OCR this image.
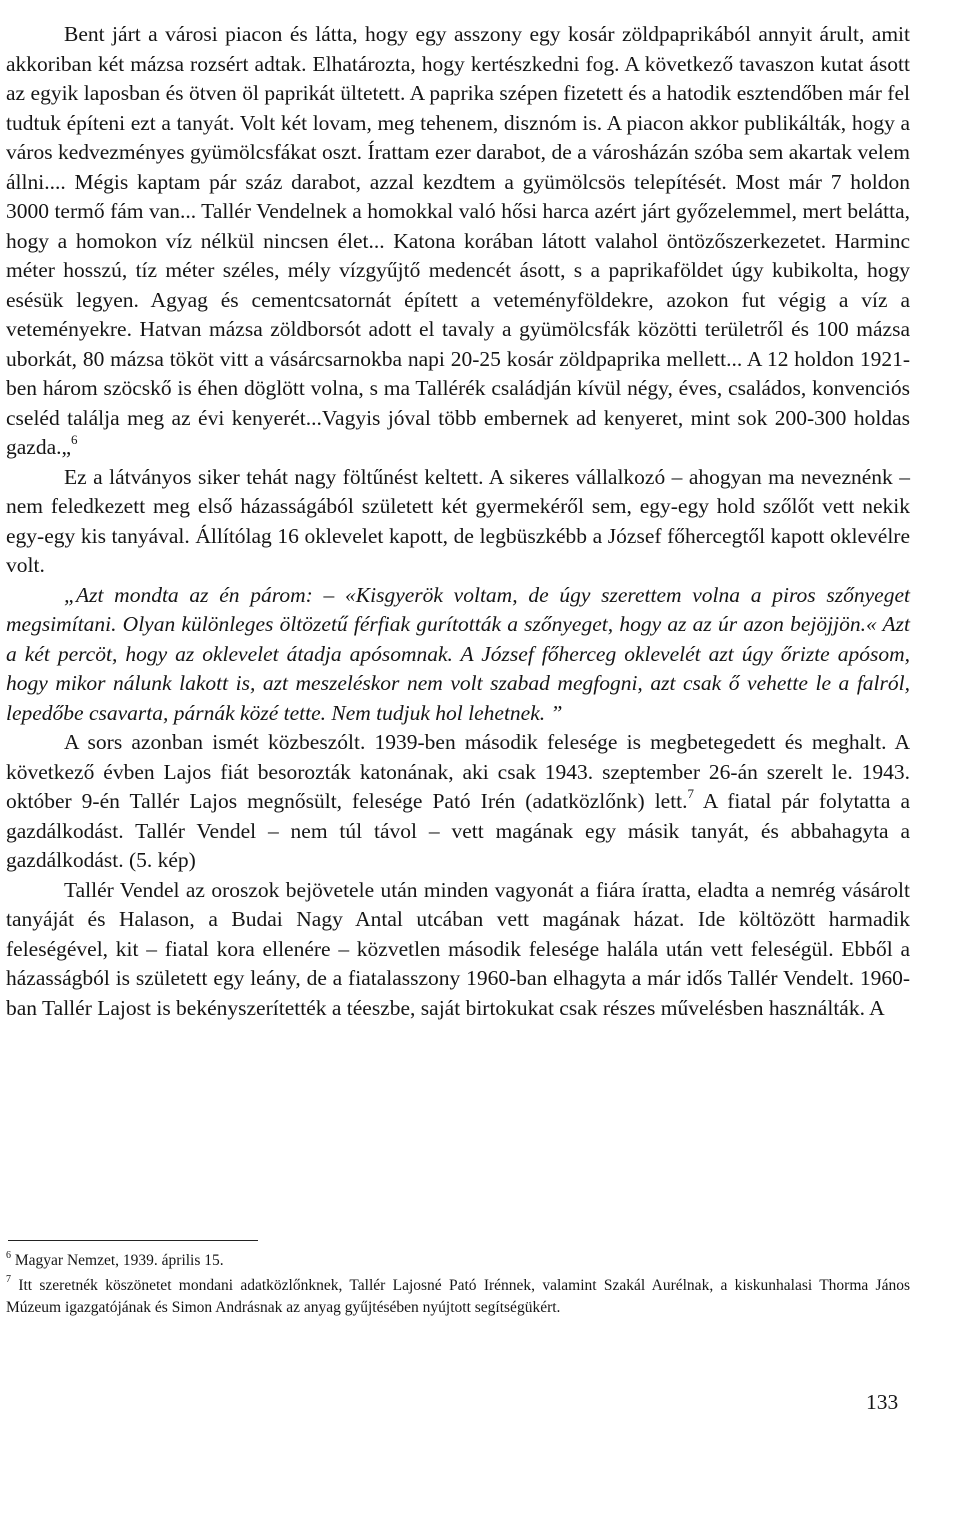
Bent járt a városi piacon és látta, hogy egy asszony egy kosár zöldpaprikából annyit árult, amit akkoriban két mázsa rozsért adtak. Elhatározta, hogy kertészkedni fog. A következő tavaszon kutat ásott az egyik laposban és ötven öl paprikát ültetett. A paprika szépen fizetett és a hatodik esztendőben már fel tudtuk építeni ezt a tanyát. Volt két lovam, meg tehenem, disznóm is. A piacon akkor publikálták, hogy a város kedvezményes gyümölcsfákat oszt. Írattam ezer darabot, de a városházán szóba sem akartak velem állni.... Mégis kaptam pár száz darabot, azzal kezdtem a gyümölcsös telepítését. Most már 7 holdon 3000 termő fám van... Tallér Vendelnek a homokkal való hősi harca azért járt győzelemmel, mert belátta, hogy a homokon víz nélkül nincsen élet... Katona korában látott valahol öntözőszerkezetet. Harminc méter hosszú, tíz méter széles, mély vízgyűjtő medencét ásott, s a paprikaföldet úgy kubikolta, hogy esésük legyen. Agyag és cementcsatornát épített a veteményföldekre, azokon fut végig a víz a veteményekre. Hatvan mázsa zöldborsót adott el tavaly a gyümölcsfák közötti területről és 100 mázsa uborkát, 80 mázsa tököt vitt a vásárcsarnokba napi 20-25 kosár zöldpaprika mellett... A 12 holdon 1921-ben három szöcskő is éhen döglött volna, s ma Tallérék családján kívül négy, éves, családos, konvenciós cseléd találja meg az évi kenyerét...Vagyis jóval több embernek ad kenyeret, mint sok 200-300 holdas gazda.„$^6$

Ez a látványos siker tehát nagy föltűnést keltett. A sikeres vállalkozó – ahogyan ma neveznénk – nem feledkezett meg első házasságából született két gyermekéről sem, egy-egy hold szőlőt vett nekik egy-egy kis tanyával. Állítólag 16 oklevelet kapott, de legbüszkébb a József főhercegtől kapott oklevélre volt.

„Azt mondta az én párom: – «Kisgyerök voltam, de úgy szerettem volna a piros szőnyeget megsimítani. Olyan különleges öltözetű férfiak gurították a szőnyeget, hogy az az úr azon bejöjjön.« Azt a két percöt, hogy az oklevelet átadja apósomnak. A József főherceg oklevelét azt úgy őrizte apósom, hogy mikor nálunk lakott is, azt meszeléskor nem volt szabad megfogni, azt csak ő vehette le a falról, lepedőbe csavarta, párnák közé tette. Nem tudjuk hol lehetnek. ”

A sors azonban ismét közbeszólt. 1939-ben második felesége is megbetegedett és meghalt. A következő évben Lajos fiát besorozták katonának, aki csak 1943. szeptember 26-án szerelt le. 1943. október 9-én Tallér Lajos megnősült, felesége Pató Irén (adatközlőnk) lett.$^7$ A fiatal pár folytatta a gazdálkodást. Tallér Vendel – nem túl távol – vett magának egy másik tanyát, és abbahagyta a gazdálkodást. (5. kép)

Tallér Vendel az oroszok bejövetele után minden vagyonát a fiára íratta, eladta a nemrég vásárolt tanyáját és Halason, a Budai Nagy Antal utcában vett magának házat. Ide költözött harmadik feleségével, kit – fiatal kora ellenére – közvetlen második felesége halála után vett feleségül. Ebből a házasságból is született egy leány, de a fiatalasszony 1960-ban elhagyta a már idős Tallér Vendelt. 1960-ban Tallér Lajost is bekényszerítették a téeszbe, saját birtokukat csak részes művelésben használták. A

$^6$ Magyar Nemzet, 1939. április 15.

$^7$ Itt szeretnék köszönetet mondani adatközlőnknek, Tallér Lajosné Pató Irénnek, valamint Szakál Aurélnak, a kiskunhalasi Thorma János Múzeum igazgatójának és Simon Andrásnak az anyag gyűjtésében nyújtott segítségükért.

133
